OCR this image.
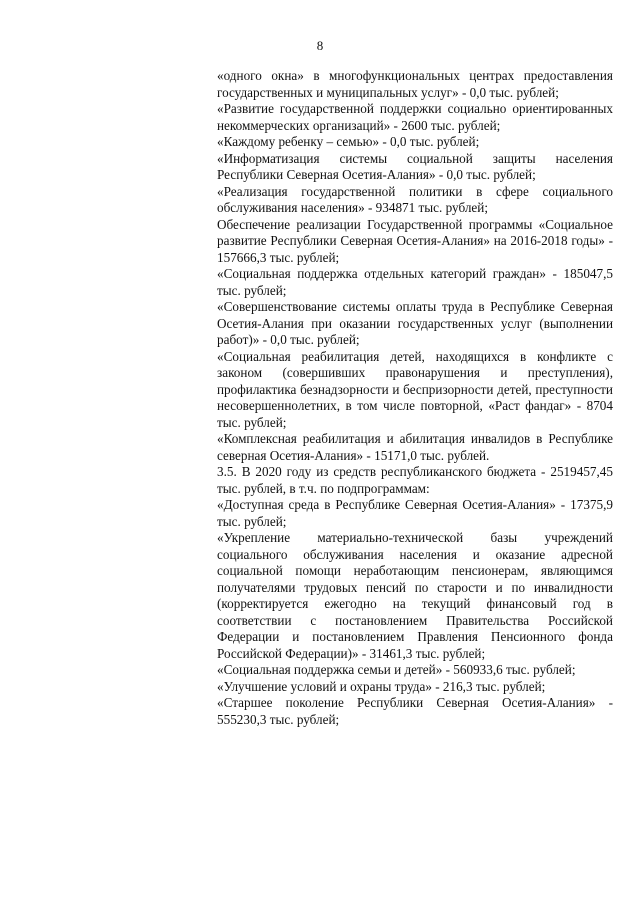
8

«одного окна» в многофункциональных центрах предоставления государственных и муниципальных услуг» - 0,0 тыс. рублей;

«Развитие государственной поддержки социально ориентированных некоммерческих организаций» - 2600 тыс. рублей;

«Каждому ребенку – семью» - 0,0 тыс. рублей;

«Информатизация системы социальной защиты населения Республики Северная Осетия-Алания» - 0,0 тыс. рублей;

«Реализация государственной политики в сфере социального обслуживания населения» - 934871 тыс. рублей;

Обеспечение реализации Государственной программы «Социальное развитие Республики Северная Осетия-Алания» на 2016-2018 годы» - 157666,3 тыс. рублей;

«Социальная поддержка отдельных категорий граждан» - 185047,5 тыс. рублей;

«Совершенствование системы оплаты труда в Республике Северная Осетия-Алания при оказании государственных услуг (выполнении работ)» - 0,0 тыс. рублей;

«Социальная реабилитация детей, находящихся в конфликте с законом (совершивших правонарушения и преступления), профилактика безнадзорности и беспризорности детей, преступности несовершеннолетних, в том числе повторной, «Раст фандаг» - 8704 тыс. рублей;

«Комплексная реабилитация и абилитация инвалидов в Республике северная Осетия-Алания» - 15171,0 тыс. рублей.

3.5. В 2020 году из средств республиканского бюджета - 2519457,45 тыс. рублей, в т.ч. по подпрограммам:

«Доступная среда в Республике Северная Осетия-Алания» - 17375,9 тыс. рублей;

«Укрепление материально-технической базы учреждений социального обслуживания населения и оказание адресной социальной помощи неработающим пенсионерам, являющимся получателями трудовых пенсий по старости и по инвалидности (корректируется ежегодно на текущий финансовый год в соответствии с постановлением Правительства Российской Федерации и постановлением Правления Пенсионного фонда Российской Федерации)» - 31461,3 тыс. рублей;

«Социальная поддержка семьи и детей» - 560933,6 тыс. рублей;

«Улучшение условий и охраны труда» - 216,3 тыс. рублей;

«Старшее поколение Республики Северная Осетия-Алания» - 555230,3 тыс. рублей;
